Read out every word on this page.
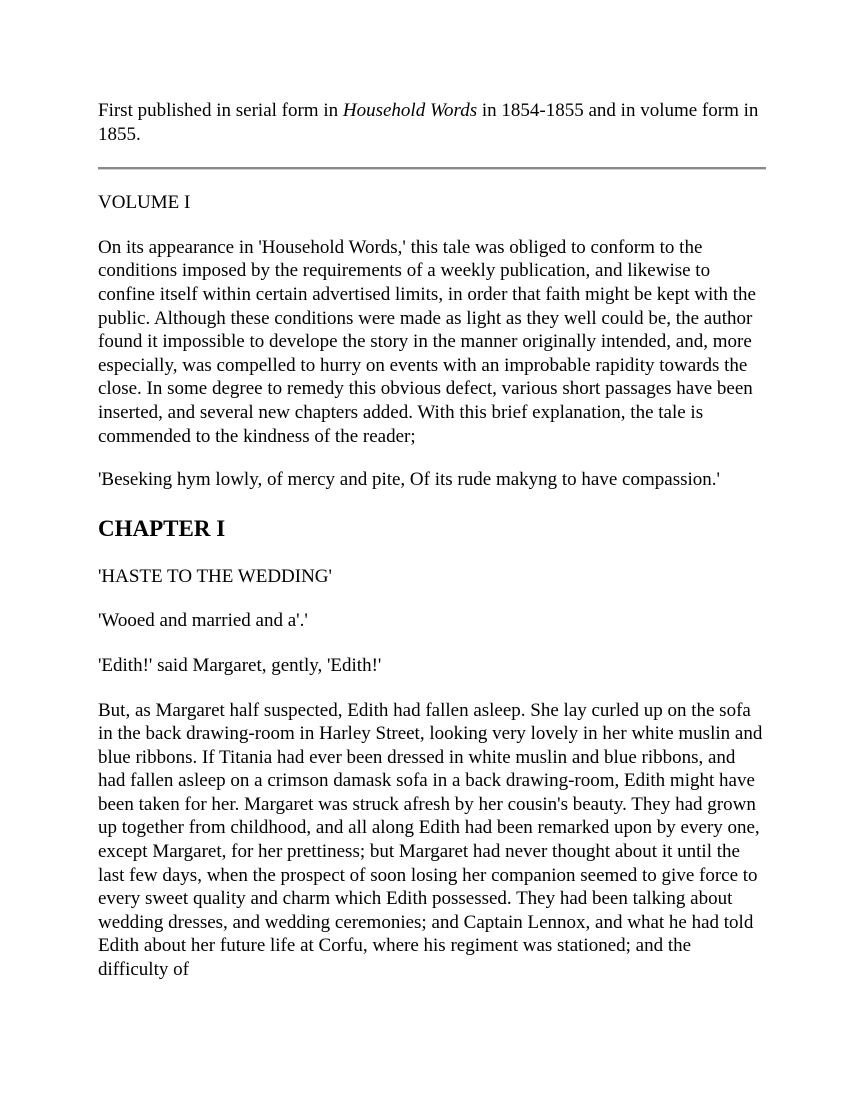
First published in serial form in Household Words in 1854-1855 and in volume form in 1855.

VOLUME I

On its appearance in 'Household Words,' this tale was obliged to conform to the conditions imposed by the requirements of a weekly publication, and likewise to confine itself within certain advertised limits, in order that faith might be kept with the public. Although these conditions were made as light as they well could be, the author found it impossible to develope the story in the manner originally intended, and, more especially, was compelled to hurry on events with an improbable rapidity towards the close. In some degree to remedy this obvious defect, various short passages have been inserted, and several new chapters added. With this brief explanation, the tale is commended to the kindness of the reader;

'Beseking hym lowly, of mercy and pite, Of its rude makyng to have compassion.'

CHAPTER I

'HASTE TO THE WEDDING'

'Wooed and married and a'.'

'Edith!' said Margaret, gently, 'Edith!'

But, as Margaret half suspected, Edith had fallen asleep. She lay curled up on the sofa in the back drawing-room in Harley Street, looking very lovely in her white muslin and blue ribbons. If Titania had ever been dressed in white muslin and blue ribbons, and had fallen asleep on a crimson damask sofa in a back drawing-room, Edith might have been taken for her. Margaret was struck afresh by her cousin's beauty. They had grown up together from childhood, and all along Edith had been remarked upon by every one, except Margaret, for her prettiness; but Margaret had never thought about it until the last few days, when the prospect of soon losing her companion seemed to give force to every sweet quality and charm which Edith possessed. They had been talking about wedding dresses, and wedding ceremonies; and Captain Lennox, and what he had told Edith about her future life at Corfu, where his regiment was stationed; and the difficulty of
